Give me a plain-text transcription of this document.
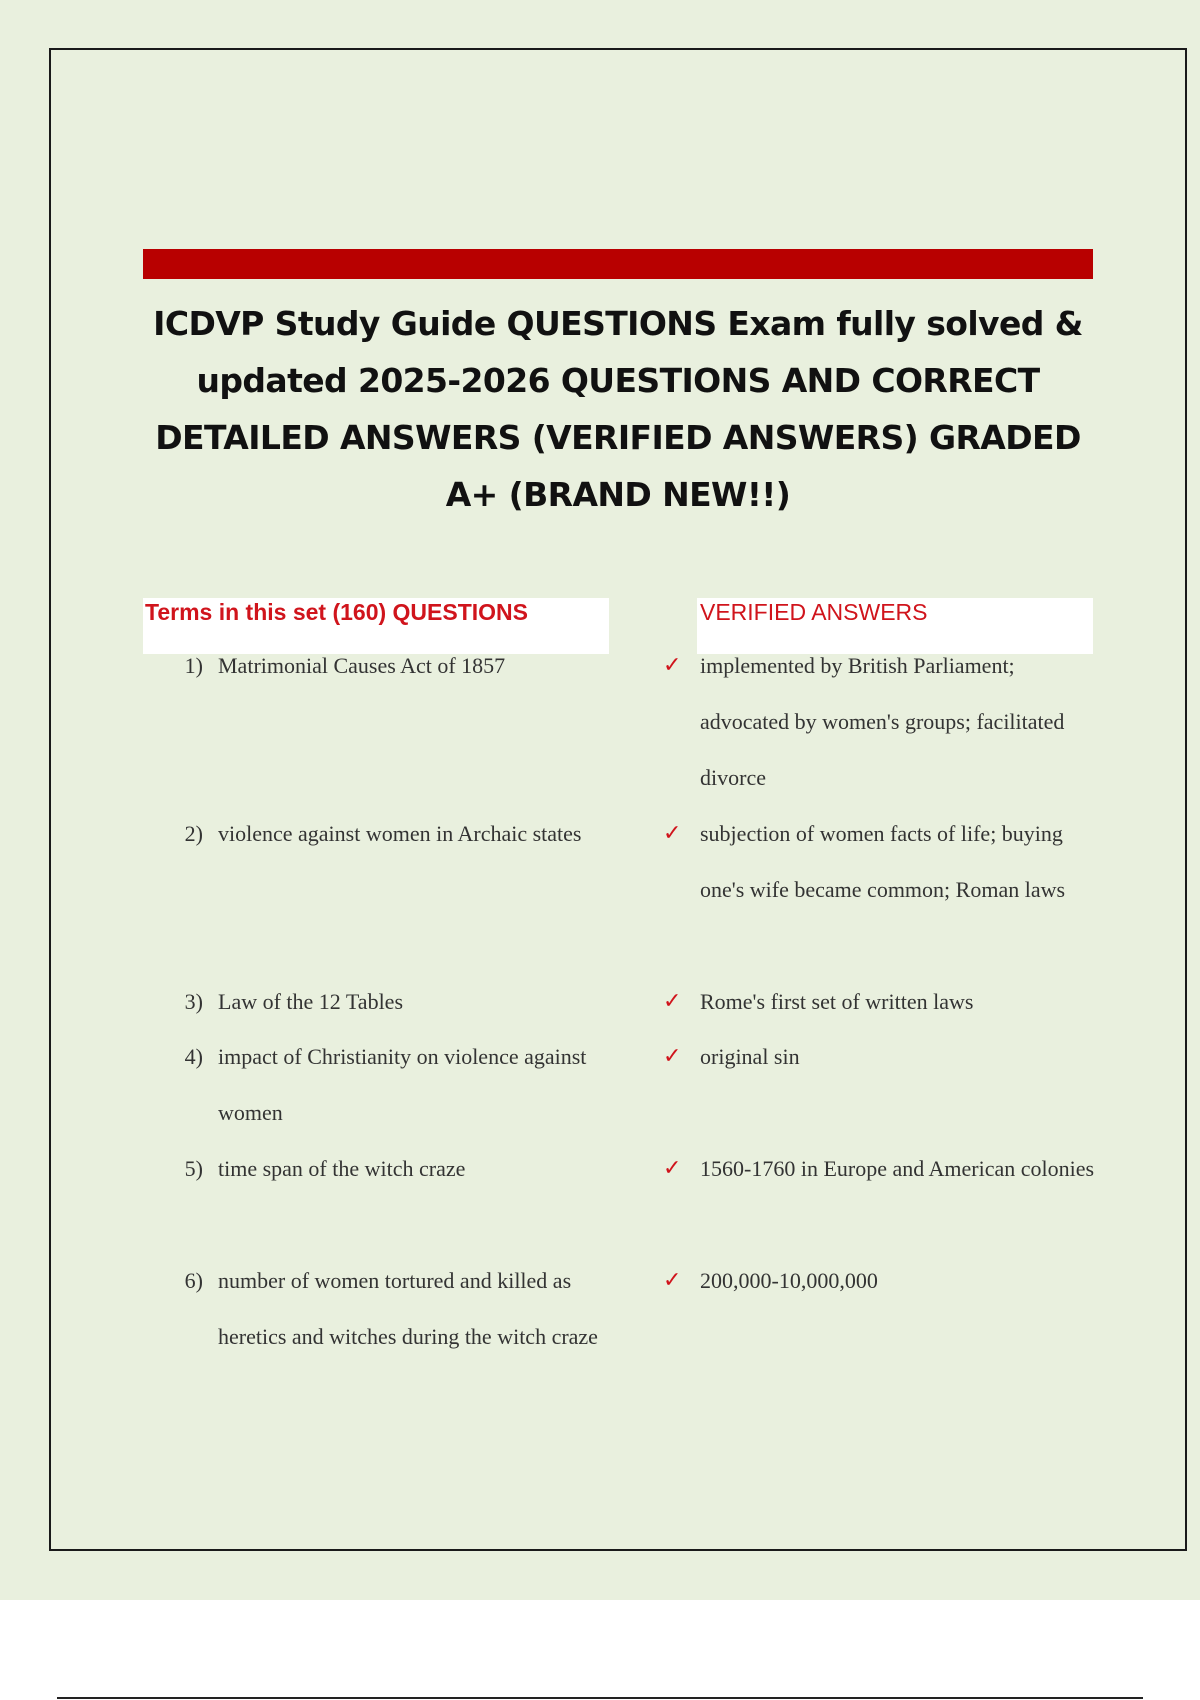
ICDVP Study Guide QUESTIONS Exam fully solved & updated 2025-2026 QUESTIONS AND CORRECT DETAILED ANSWERS (VERIFIED ANSWERS) GRADED A+ (BRAND NEW!!)
Terms in this set (160) QUESTIONS	VERIFIED ANSWERS
1) Matrimonial Causes Act of 1857	✓ implemented by British Parliament; advocated by women's groups; facilitated divorce
2) violence against women in Archaic states	✓ subjection of women facts of life; buying one's wife became common; Roman laws
3) Law of the 12 Tables	✓ Rome's first set of written laws
4) impact of Christianity on violence against women
✓ original sin
5) time span of the witch craze	✓ 1560-1760 in Europe and American colonies
6) number of women tortured and killed as heretics and witches during the witch craze
✓ 200,000-10,000,000
